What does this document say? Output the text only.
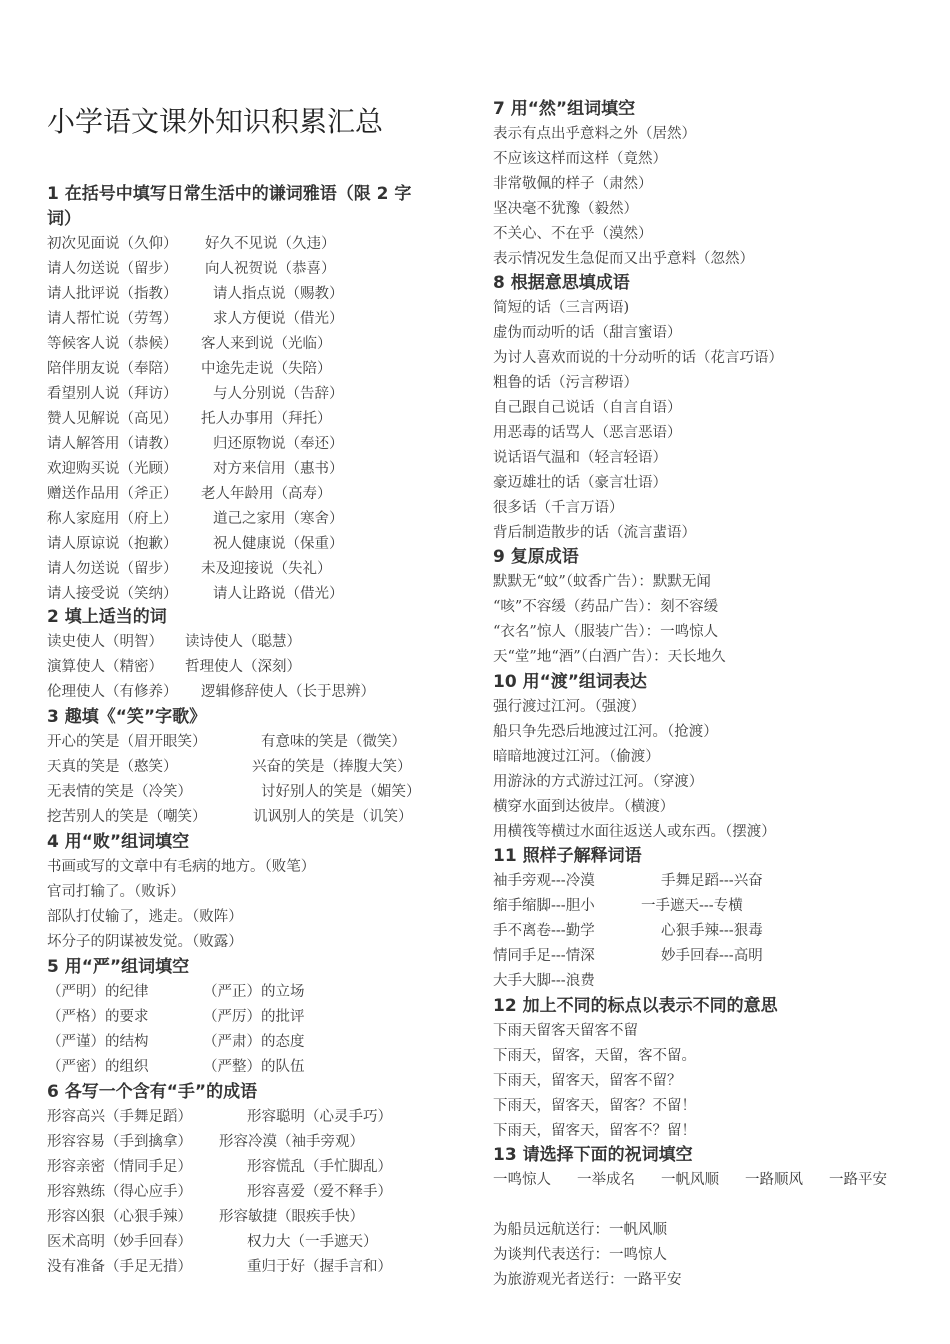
小学语文课外知识积累汇总
1 在括号中填写日常生活中的谦词雅语（限 2 字
词）
初次见面说（久仰） 好久不见说（久违）
请人勿送说（留步） 向人祝贺说（恭喜）
请人批评说（指教） 请人指点说（赐教）
请人帮忙说（劳驾） 求人方便说（借光）
等候客人说（恭候） 客人来到说（光临）
陪伴朋友说（奉陪） 中途先走说（失陪）
看望别人说（拜访） 与人分别说（告辞）
赞人见解说（高见） 托人办事用（拜托）
请人解答用（请教） 归还原物说（奉还）
欢迎购买说（光顾） 对方来信用（惠书）
赠送作品用（斧正） 老人年龄用（高寿）
称人家庭用（府上） 道己之家用（寒舍）
请人原谅说（抱歉） 祝人健康说（保重）
请人勿送说（留步） 未及迎接说（失礼）
请人接受说（笑纳） 请人让路说（借光）
2 填上适当的词
读史使人（明智） 读诗使人（聪慧）
演算使人（精密） 哲理使人（深刻）
伦理使人（有修养） 逻辑修辞使人（长于思辨）
3 趣填《“笑”字歌》
开心的笑是（眉开眼笑）	有意味的笑是（微笑）
天真的笑是（憨笑）	兴奋的笑是（捧腹大笑）
无表情的笑是（冷笑）	讨好别人的笑是（媚笑）
挖苦别人的笑是（嘲笑）	讥讽别人的笑是（讥笑）
4 用“败”组词填空
书画或写的文章中有毛病的地方。（败笔）
官司打输了。（败诉）
部队打仗输了，逃走。（败阵）
坏分子的阴谋被发觉。（败露）
5 用“严”组词填空
（严明）的纪律	（严正）的立场
（严格）的要求	（严厉）的批评
（严谨）的结构	（严肃）的态度
（严密）的组织	（严整）的队伍
6 各写一个含有“手”的成语
形容高兴（手舞足蹈）	形容聪明（心灵手巧）
形容容易（手到擒拿） 形容冷漠（袖手旁观）
形容亲密（情同手足）	形容慌乱（手忙脚乱）
形容熟练（得心应手）	形容喜爱（爱不释手）
形容凶狠（心狠手辣） 形容敏捷（眼疾手快）
医术高明（妙手回春）	权力大（一手遮天）
没有准备（手足无措）	重归于好（握手言和）
7 用“然”组词填空
表示有点出乎意料之外（居然）
不应该这样而这样（竟然）
非常敬佩的样子（肃然）
坚决毫不犹豫（毅然）
不关心、不在乎（漠然）
表示情况发生急促而又出乎意料（忽然）
8 根据意思填成语
简短的话（三言两语)
虚伪而动听的话（甜言蜜语）
为讨人喜欢而说的十分动听的话（花言巧语）
粗鲁的话（污言秽语）
自己跟自己说话（自言自语）
用恶毒的话骂人（恶言恶语）
说话语气温和（轻言轻语）
豪迈雄壮的话（豪言壮语）
很多话（千言万语）
背后制造散步的话（流言蜚语）
9 复原成语
默默无“蚊”（蚊香广告）：默默无闻
“咳”不容缓（药品广告）：刻不容缓
“衣名”惊人（服装广告）：一鸣惊人
天“堂”地“酒”（白酒广告）：天长地久
10 用“渡”组词表达
强行渡过江河。（强渡）
船只争先恐后地渡过江河。（抢渡）
暗暗地渡过江河。（偷渡）
用游泳的方式游过江河。（穿渡）
横穿水面到达彼岸。（横渡）
用横筏等横过水面往返送人或东西。（摆渡）
11 照样子解释词语
袖手旁观---冷漠	手舞足蹈---兴奋
缩手缩脚---胆小	一手遮天---专横
手不离卷---勤学	心狠手辣---狠毒
情同手足---情深	妙手回春---高明
大手大脚---浪费
12 加上不同的标点以表示不同的意思
下雨天留客天留客不留
下雨天，留客，天留，客不留。
下雨天，留客天，留客不留？
下雨天，留客天，留客？不留！
下雨天，留客天，留客不？留！
13 请选择下面的祝词填空
一鸣惊人 一举成名 一帆风顺 一路顺风 一路平安
为船员远航送行：一帆风顺
为谈判代表送行：一鸣惊人
为旅游观光者送行：一路平安
